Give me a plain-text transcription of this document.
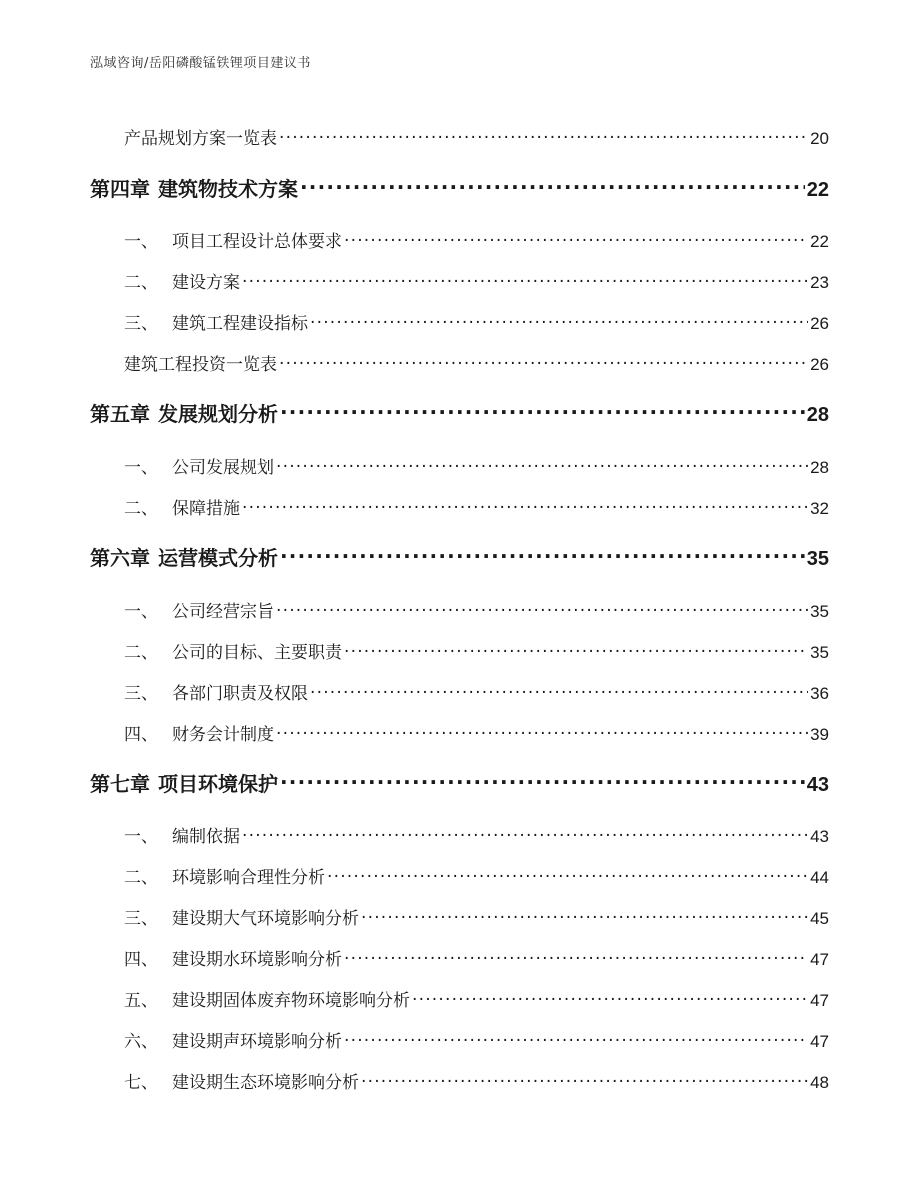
泓域咨询/岳阳磷酸锰铁锂项目建议书
产品规划方案一览表 .....	20
第四章 建筑物技术方案 .....	22
一、 项目工程设计总体要求 .....	22
二、 建设方案 .....	23
三、 建筑工程建设指标 .....	26
建筑工程投资一览表 .....	26
第五章 发展规划分析 .....	28
一、 公司发展规划 .....	28
二、 保障措施 .....	32
第六章 运营模式分析 .....	35
一、 公司经营宗旨 .....	35
二、 公司的目标、主要职责 .....	35
三、 各部门职责及权限 .....	36
四、 财务会计制度 .....	39
第七章 项目环境保护 .....	43
一、 编制依据 .....	43
二、 环境影响合理性分析 .....	44
三、 建设期大气环境影响分析 .....	45
四、 建设期水环境影响分析 .....	47
五、 建设期固体废弃物环境影响分析 .....	47
六、 建设期声环境影响分析 .....	47
七、 建设期生态环境影响分析 .....	48
